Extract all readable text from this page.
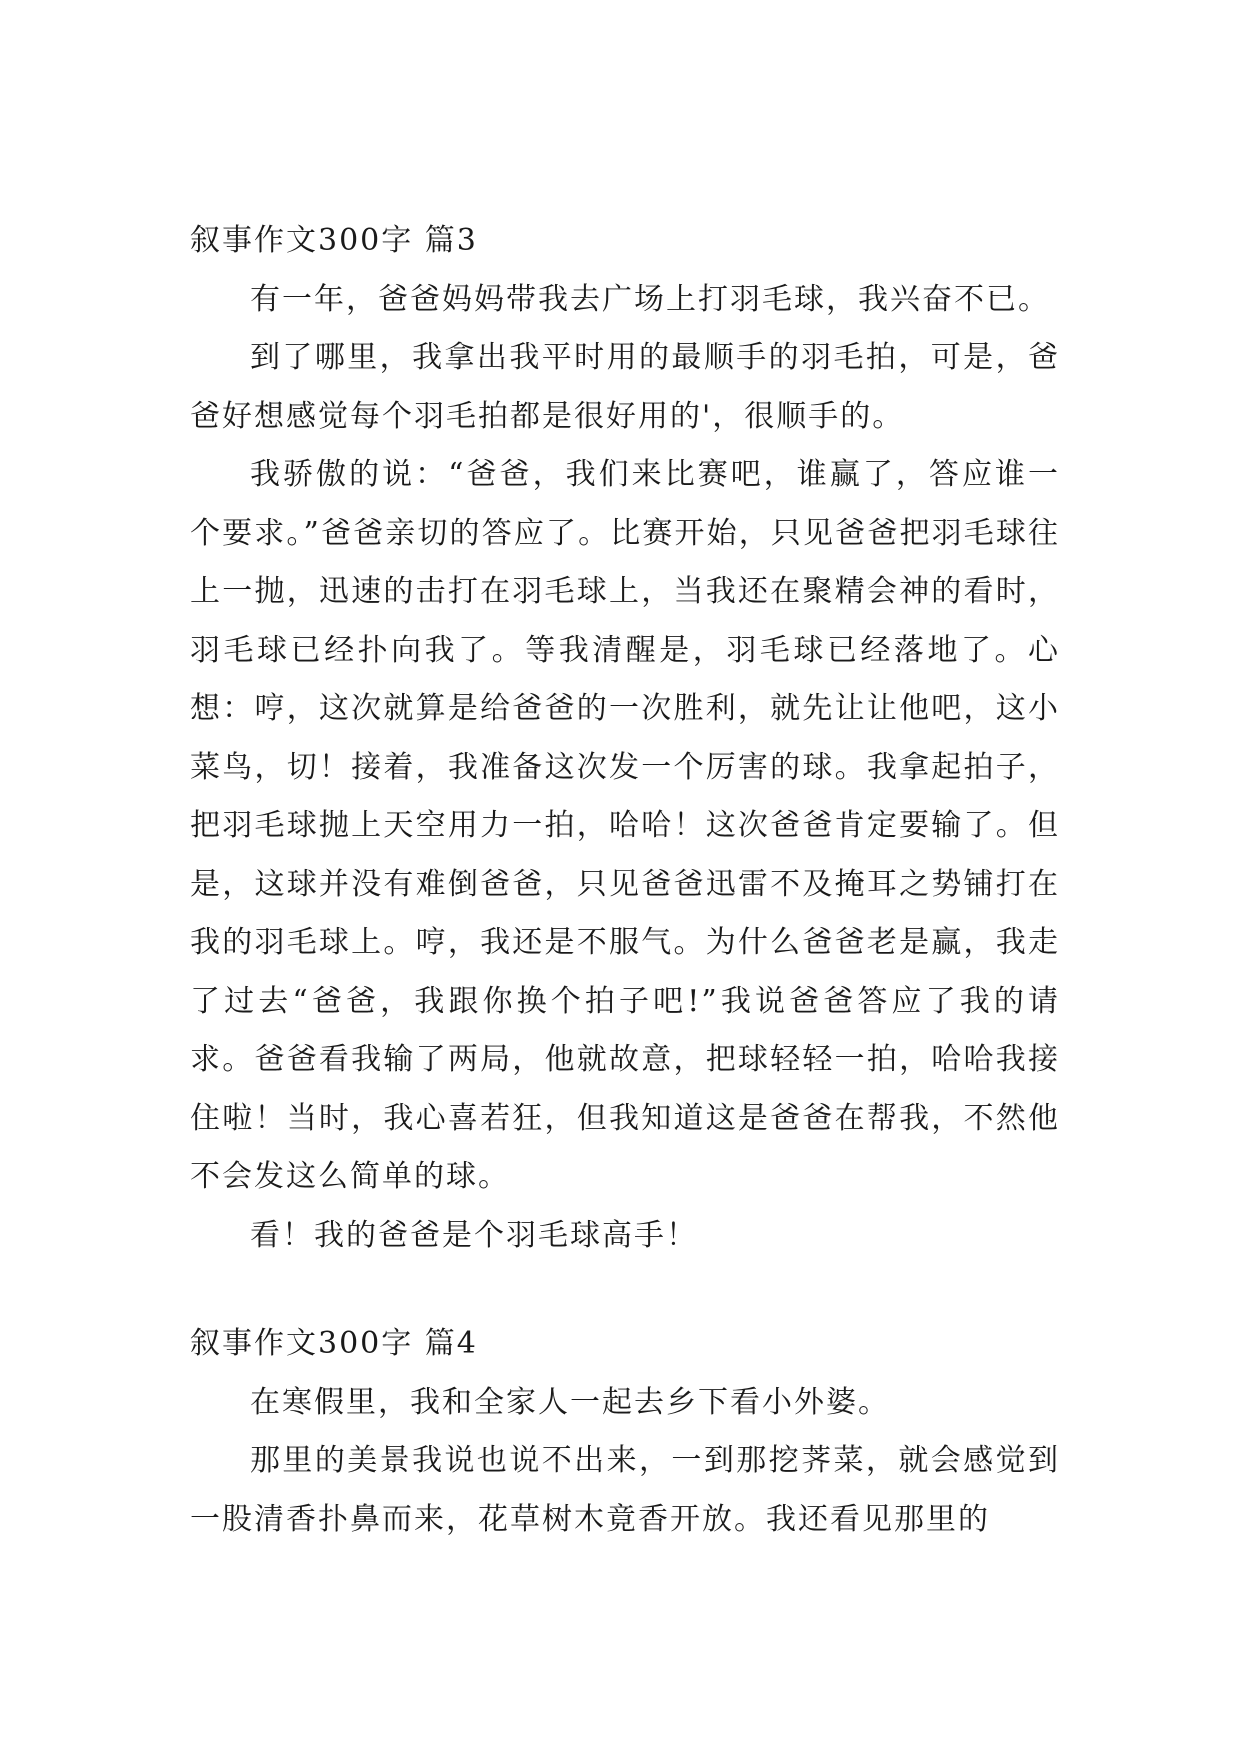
叙事作文300字 篇3

有一年，爸爸妈妈带我去广场上打羽毛球，我兴奋不已。

到了哪里，我拿出我平时用的最顺手的羽毛拍，可是，爸爸好想感觉每个羽毛拍都是很好用的'，很顺手的。

我骄傲的说：“爸爸，我们来比赛吧，谁赢了，答应谁一个要求。”爸爸亲切的答应了。比赛开始，只见爸爸把羽毛球往上一抛，迅速的击打在羽毛球上，当我还在聚精会神的看时，羽毛球已经扑向我了。等我清醒是，羽毛球已经落地了。心想：哼，这次就算是给爸爸的一次胜利，就先让让他吧，这小菜鸟，切！接着，我准备这次发一个厉害的球。我拿起拍子，把羽毛球抛上天空用力一拍，哈哈！这次爸爸肯定要输了。但是，这球并没有难倒爸爸，只见爸爸迅雷不及掩耳之势铺打在我的羽毛球上。哼，我还是不服气。为什么爸爸老是赢，我走了过去“爸爸，我跟你换个拍子吧!”我说爸爸答应了我的请求。爸爸看我输了两局，他就故意，把球轻轻一拍，哈哈我接住啦！当时，我心喜若狂，但我知道这是爸爸在帮我，不然他不会发这么简单的球。

看！我的爸爸是个羽毛球高手！

叙事作文300字 篇4

在寒假里，我和全家人一起去乡下看小外婆。

那里的美景我说也说不出来，一到那挖荠菜，就会感觉到一股清香扑鼻而来，花草树木竟香开放。我还看见那里的
